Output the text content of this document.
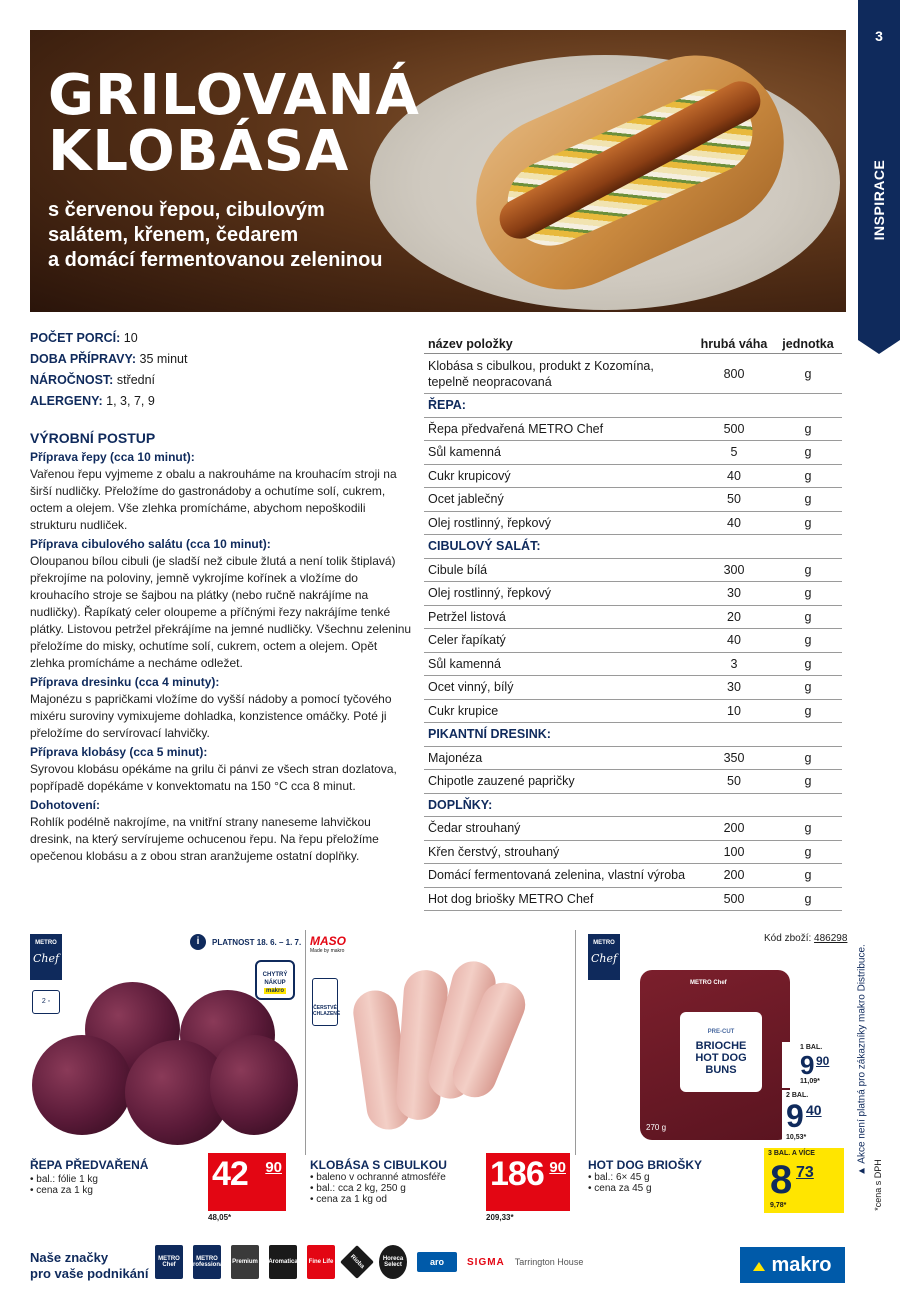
3
INSPIRACE
GRILOVANÁ
KLOBÁSA
s červenou řepou, cibulovým
salátem, křenem, čedarem
a domácí fermentovanou zeleninou
POČET PORCÍ: 10
DOBA PŘÍPRAVY: 35 minut
NÁROČNOST: střední
ALERGENY: 1, 3, 7, 9
VÝROBNÍ POSTUP
Příprava řepy (cca 10 minut):

Vařenou řepu vyjmeme z obalu a nakrouháme na krouhacím stroji na širší nudličky. Přeložíme do gastronádoby a ochutíme solí, cukrem, octem a olejem. Vše zlehka promícháme, abychom nepoškodili strukturu nudliček.

Příprava cibulového salátu (cca 10 minut):

Oloupanou bílou cibuli (je sladší než cibule žlutá a není tolik štiplavá) překrojíme na poloviny, jemně vykrojíme kořínek a vložíme do krouhacího stroje se šajbou na plátky (nebo ručně nakrájíme na nudličky). Řapíkatý celer oloupeme a příčnými řezy nakrájíme tenké plátky. Listovou petržel překrájíme na jemné nudličky. Všechnu zeleninu přeložíme do misky, ochutíme solí, cukrem, octem a olejem. Opět zlehka promícháme a necháme odležet.

Příprava dresinku (cca 4 minuty):

Majonézu s papričkami vložíme do vyšší nádoby a pomocí tyčového mixéru suroviny vymixujeme dohladka, konzistence omáčky. Poté ji přeložíme do servírovací lahvičky.

Příprava klobásy (cca 5 minut):

Syrovou klobásu opékáme na grilu či pánvi ze všech stran dozlatova, popřípadě dopékáme v konvektomatu na 150 °C cca 8 minut.

Dohotovení:

Rohlík podélně nakrojíme, na vnitřní strany naneseme lahvičkou dresink, na který servírujeme ochucenou řepu. Na řepu přeložíme opečenou klobásu a z obou stran aranžujeme ostatní doplňky.

název položky	hrubá váha	jednotka
Klobása s cibulkou, produkt z Kozomína, tepelně neopracovaná
800	g
ŘEPA:
Řepa předvařená METRO Chef	500	g
Sůl kamenná	5	g
Cukr krupicový	40	g
Ocet jablečný	50	g
Olej rostlinný, řepkový	40	g
CIBULOVÝ SALÁT:
Cibule bílá	300	g
Olej rostlinný, řepkový	30	g
Petržel listová	20	g
Celer řapíkatý	40	g
Sůl kamenná	3	g
Ocet vinný, bílý	30	g
Cukr krupice	10	g
PIKANTNÍ DRESINK:
Majonéza	350	g
Chipotle zauzené papričky	50	g
DOPLŇKY:
Čedar strouhaný	200	g
Křen čerstvý, strouhaný	100	g
Domácí fermentovaná zelenina, vlastní výroba	200	g
Hot dog briošky METRO Chef	500	g
METRO
Chef
2 ◦
i	PLATNOST 18. 6. – 1. 7.
CHYTRÝ NÁKUP
makro
ŘEPA PŘEDVAŘENÁ
• bal.: fólie 1 kg
• cena za 1 kg	42 90
48,05*
MASO
Made by makro
ČERSTVÉ CHLAZENÉ
KLOBÁSA S CIBULKOU
• baleno v ochranné atmosféře
• bal.: cca 2 kg, 250 g
• cena za 1 kg od
186 90
209,33*
METRO
Chef
Kód zboží: 486298
METRO Chef
PRE-CUT
BRIOCHE
HOT DOG
BUNS
270 g
1 BAL.
9 90
11,09*
2 BAL.
9 40
10,53*
3 BAL. A VÍCE
8 73
9,78*
HOT DOG BRIOŠKY
• bal.: 6× 45 g
• cena za 45 g
▲ Akce není platná pro zákazníky makro Distribuce.
*cena s DPH
Naše značky
pro vaše podnikání
METRO Chef
METRO Professional Premium Aromatica Fine Life	Rioba	Horeca Select	aro	SIGMA Tarrington House	makro
